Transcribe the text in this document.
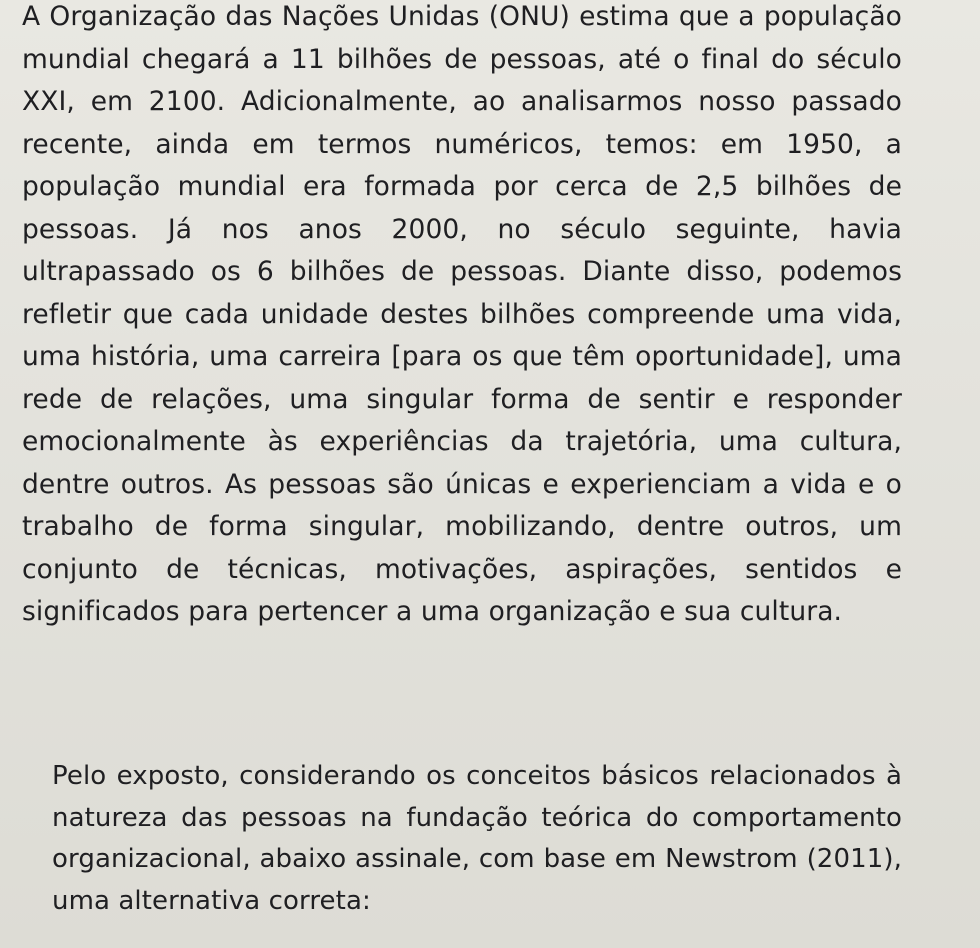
A Organização das Nações Unidas (ONU) estima que a população mundial chegará a 11 bilhões de pessoas, até o final do século XXI, em 2100. Adicionalmente, ao analisarmos nosso passado recente, ainda em termos numéricos, temos: em 1950, a população mundial era formada por cerca de 2,5 bilhões de pessoas. Já nos anos 2000, no século seguinte, havia ultrapassado os 6 bilhões de pessoas. Diante disso, podemos refletir que cada unidade destes bilhões compreende uma vida, uma história, uma carreira [para os que têm oportunidade], uma rede de relações, uma singular forma de sentir e responder emocionalmente às experiências da trajetória, uma cultura, dentre outros. As pessoas são únicas e experienciam a vida e o trabalho de forma singular, mobilizando, dentre outros, um conjunto de técnicas, motivações, aspirações, sentidos e significados para pertencer a uma organização e sua cultura.

Pelo exposto, considerando os conceitos básicos relacionados à natureza das pessoas na fundação teórica do comportamento organizacional, abaixo assinale, com base em Newstrom (2011), uma alternativa correta:
